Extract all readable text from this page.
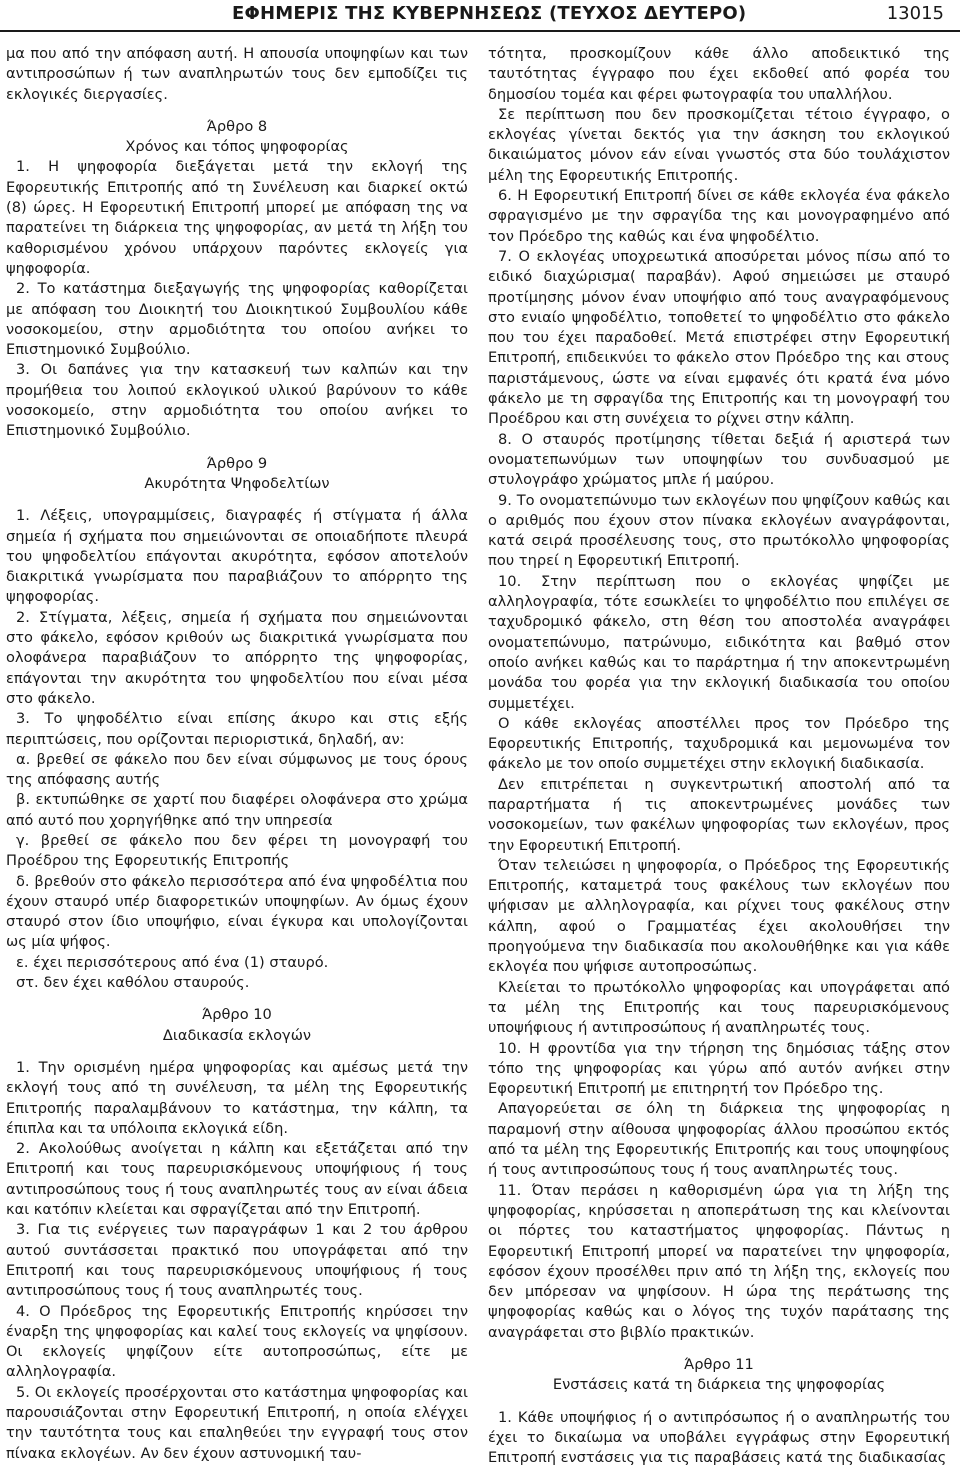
ΕΦΗΜΕΡΙΣ ΤΗΣ ΚΥΒΕΡΝΗΣΕΩΣ (ΤΕΥΧΟΣ ΔΕΥΤΕΡΟ)	13015

μα που από την απόφαση αυτή. Η απουσία υποψηφίων και των αντιπροσώπων ή των αναπληρωτών τους δεν εμποδίζει τις εκλογικές διεργασίες.

Άρθρο 8

Χρόνος και τόπος ψηφοφορίας

1. Η ψηφοφορία διεξάγεται μετά την εκλογή της Εφορευτικής Επιτροπής από τη Συνέλευση και διαρκεί οκτώ (8) ώρες. Η Εφορευτική Επιτροπή μπορεί με απόφαση της να παρατείνει τη διάρκεια της ψηφοφορίας, αν μετά τη λήξη του καθορισμένου χρόνου υπάρχουν παρόντες εκλογείς για ψηφοφορία.

2. Το κατάστημα διεξαγωγής της ψηφοφορίας καθορίζεται με απόφαση του Διοικητή του Διοικητικού Συμβουλίου κάθε νοσοκομείου, στην αρμοδιότητα του οποίου ανήκει το Επιστημονικό Συμβούλιο.

3. Οι δαπάνες για την κατασκευή των καλπών και την προμήθεια του λοιπού εκλογικού υλικού βαρύνουν το κάθε νοσοκομείο, στην αρμοδιότητα του οποίου ανήκει το Επιστημονικό Συμβούλιο.

Άρθρο 9

Ακυρότητα Ψηφοδελτίων

1. Λέξεις, υπογραμμίσεις, διαγραφές ή στίγματα ή άλλα σημεία ή σχήματα που σημειώνονται σε οποιαδήποτε πλευρά του ψηφοδελτίου επάγονται ακυρότητα, εφόσον αποτελούν διακριτικά γνωρίσματα που παραβιάζουν το απόρρητο της ψηφοφορίας.

2. Στίγματα, λέξεις, σημεία ή σχήματα που σημειώνονται στο φάκελο, εφόσον κριθούν ως διακριτικά γνωρίσματα που ολοφάνερα παραβιάζουν το απόρρητο της ψηφοφορίας, επάγονται την ακυρότητα του ψηφοδελτίου που είναι μέσα στο φάκελο.

3. Το ψηφοδέλτιο είναι επίσης άκυρο και στις εξής περιπτώσεις, που ορίζονται περιοριστικά, δηλαδή, αν:

α. βρεθεί σε φάκελο που δεν είναι σύμφωνος με τους όρους της απόφασης αυτής

β. εκτυπώθηκε σε χαρτί που διαφέρει ολοφάνερα στο χρώμα από αυτό που χορηγήθηκε από την υπηρεσία

γ. βρεθεί σε φάκελο που δεν φέρει τη μονογραφή του Προέδρου της Εφορευτικής Επιτροπής

δ. βρεθούν στο φάκελο περισσότερα από ένα ψηφοδέλτια που έχουν σταυρό υπέρ διαφορετικών υποψηφίων. Αν όμως έχουν σταυρό στον ίδιο υποψήφιο, είναι έγκυρα και υπολογίζονται ως μία ψήφος.

ε. έχει περισσότερους από ένα (1) σταυρό.

στ. δεν έχει καθόλου σταυρούς.

Άρθρο 10

Διαδικασία εκλογών

1. Την ορισμένη ημέρα ψηφοφορίας και αμέσως μετά την εκλογή τους από τη συνέλευση, τα μέλη της Εφορευτικής Επιτροπής παραλαμβάνουν το κατάστημα, την κάλπη, τα έπιπλα και τα υπόλοιπα εκλογικά είδη.

2. Ακολούθως ανοίγεται η κάλπη και εξετάζεται από την Επιτροπή και τους παρευρισκόμενους υποψήφιους ή τους αντιπροσώπους τους ή τους αναπληρωτές τους αν είναι άδεια και κατόπιν κλείεται και σφραγίζεται από την Επιτροπή.

3. Για τις ενέργειες των παραγράφων 1 και 2 του άρθρου αυτού συντάσσεται πρακτικό που υπογράφεται από την Επιτροπή και τους παρευρισκόμενους υποψήφιους ή τους αντιπροσώπους τους ή τους αναπληρωτές τους.

4. Ο Πρόεδρος της Εφορευτικής Επιτροπής κηρύσσει την έναρξη της ψηφοφορίας και καλεί τους εκλογείς να ψηφίσουν. Οι εκλογείς ψηφίζουν είτε αυτοπροσώπως, είτε με αλληλογραφία.

5. Οι εκλογείς προσέρχονται στο κατάστημα ψηφοφορίας και παρουσιάζονται στην Εφορευτική Επιτροπή, η οποία ελέγχει την ταυτότητα τους και επαληθεύει την εγγραφή τους στον πίνακα εκλογέων. Αν δεν έχουν αστυνομική ταυ-

τότητα, προσκομίζουν κάθε άλλο αποδεικτικό της ταυτότητας έγγραφο που έχει εκδοθεί από φορέα του δημοσίου τομέα και φέρει φωτογραφία του υπαλλήλου.

Σε περίπτωση που δεν προσκομίζεται τέτοιο έγγραφο, ο εκλογέας γίνεται δεκτός για την άσκηση του εκλογικού δικαιώματος μόνον εάν είναι γνωστός στα δύο τουλάχιστον μέλη της Εφορευτικής Επιτροπής.

6. Η Εφορευτική Επιτροπή δίνει σε κάθε εκλογέα ένα φάκελο σφραγισμένο με την σφραγίδα της και μονογραφημένο από τον Πρόεδρο της καθώς και ένα ψηφοδέλτιο.

7. Ο εκλογέας υποχρεωτικά αποσύρεται μόνος πίσω από το ειδικό διαχώρισμα( παραβάν). Αφού σημειώσει με σταυρό προτίμησης μόνον έναν υποψήφιο από τους αναγραφόμενους στο ενιαίο ψηφοδέλτιο, τοποθετεί το ψηφοδέλτιο στο φάκελο που του έχει παραδοθεί. Μετά επιστρέφει στην Εφορευτική Επιτροπή, επιδεικνύει το φάκελο στον Πρόεδρο της και στους παριστάμενους, ώστε να είναι εμφανές ότι κρατά ένα μόνο φάκελο με τη σφραγίδα της Επιτροπής και τη μονογραφή του Προέδρου και στη συνέχεια το ρίχνει στην κάλπη.

8. Ο σταυρός προτίμησης τίθεται δεξιά ή αριστερά των ονοματεπωνύμων των υποψηφίων του συνδυασμού με στυλογράφο χρώματος μπλε ή μαύρου.

9. Το ονοματεπώνυμο των εκλογέων που ψηφίζουν καθώς και ο αριθμός που έχουν στον πίνακα εκλογέων αναγράφονται, κατά σειρά προσέλευσης τους, στο πρωτόκολλο ψηφοφορίας που τηρεί η Εφορευτική Επιτροπή.

10. Στην περίπτωση που ο εκλογέας ψηφίζει με αλληλογραφία, τότε εσωκλείει το ψηφοδέλτιο που επιλέγει σε ταχυδρομικό φάκελο, στη θέση του αποστολέα αναγράφει ονοματεπώνυμο, πατρώνυμο, ειδικότητα και βαθμό στον οποίο ανήκει καθώς και το παράρτημα ή την αποκεντρωμένη μονάδα του φορέα για την εκλογική διαδικασία του οποίου συμμετέχει.

Ο κάθε εκλογέας αποστέλλει προς τον Πρόεδρο της Εφορευτικής Επιτροπής, ταχυδρομικά και μεμονωμένα τον φάκελο με τον οποίο συμμετέχει στην εκλογική διαδικασία.

Δεν επιτρέπεται η συγκεντρωτική αποστολή από τα παραρτήματα ή τις αποκεντρωμένες μονάδες των νοσοκομείων, των φακέλων ψηφοφορίας των εκλογέων, προς την Εφορευτική Επιτροπή.

Όταν τελειώσει η ψηφοφορία, ο Πρόεδρος της Εφορευτικής Επιτροπής, καταμετρά τους φακέλους των εκλογέων που ψήφισαν με αλληλογραφία, και ρίχνει τους φακέλους στην κάλπη, αφού ο Γραμματέας έχει ακολουθήσει την προηγούμενα την διαδικασία που ακολουθήθηκε και για κάθε εκλογέα που ψήφισε αυτοπροσώπως.

Κλείεται το πρωτόκολλο ψηφοφορίας και υπογράφεται από τα μέλη της Επιτροπής και τους παρευρισκόμενους υποψήφιους ή αντιπροσώπους ή αναπληρωτές τους.

10. Η φροντίδα για την τήρηση της δημόσιας τάξης στον τόπο της ψηφοφορίας και γύρω από αυτόν ανήκει στην Εφορευτική Επιτροπή με επιτηρητή τον Πρόεδρο της.

Απαγορεύεται σε όλη τη διάρκεια της ψηφοφορίας η παραμονή στην αίθουσα ψηφοφορίας άλλου προσώπου εκτός από τα μέλη της Εφορευτικής Επιτροπής και τους υποψηφίους ή τους αντιπροσώπους τους ή τους αναπληρωτές τους.

11. Όταν περάσει η καθορισμένη ώρα για τη λήξη της ψηφοφορίας, κηρύσσεται η αποπεράτωση της και κλείνονται οι πόρτες του καταστήματος ψηφοφορίας. Πάντως η Εφορευτική Επιτροπή μπορεί να παρατείνει την ψηφοφορία, εφόσον έχουν προσέλθει πριν από τη λήξη της, εκλογείς που δεν μπόρεσαν να ψηφίσουν. Η ώρα της περάτωσης της ψηφοφορίας καθώς και ο λόγος της τυχόν παράτασης της αναγράφεται στο βιβλίο πρακτικών.

Άρθρο 11

Ενστάσεις κατά τη διάρκεια της ψηφοφορίας

1. Κάθε υποψήφιος ή ο αντιπρόσωπος ή ο αναπληρωτής του έχει το δικαίωμα να υποβάλει εγγράφως στην Εφορευτική Επιτροπή ενστάσεις για τις παραβάσεις κατά της διαδικασίας
